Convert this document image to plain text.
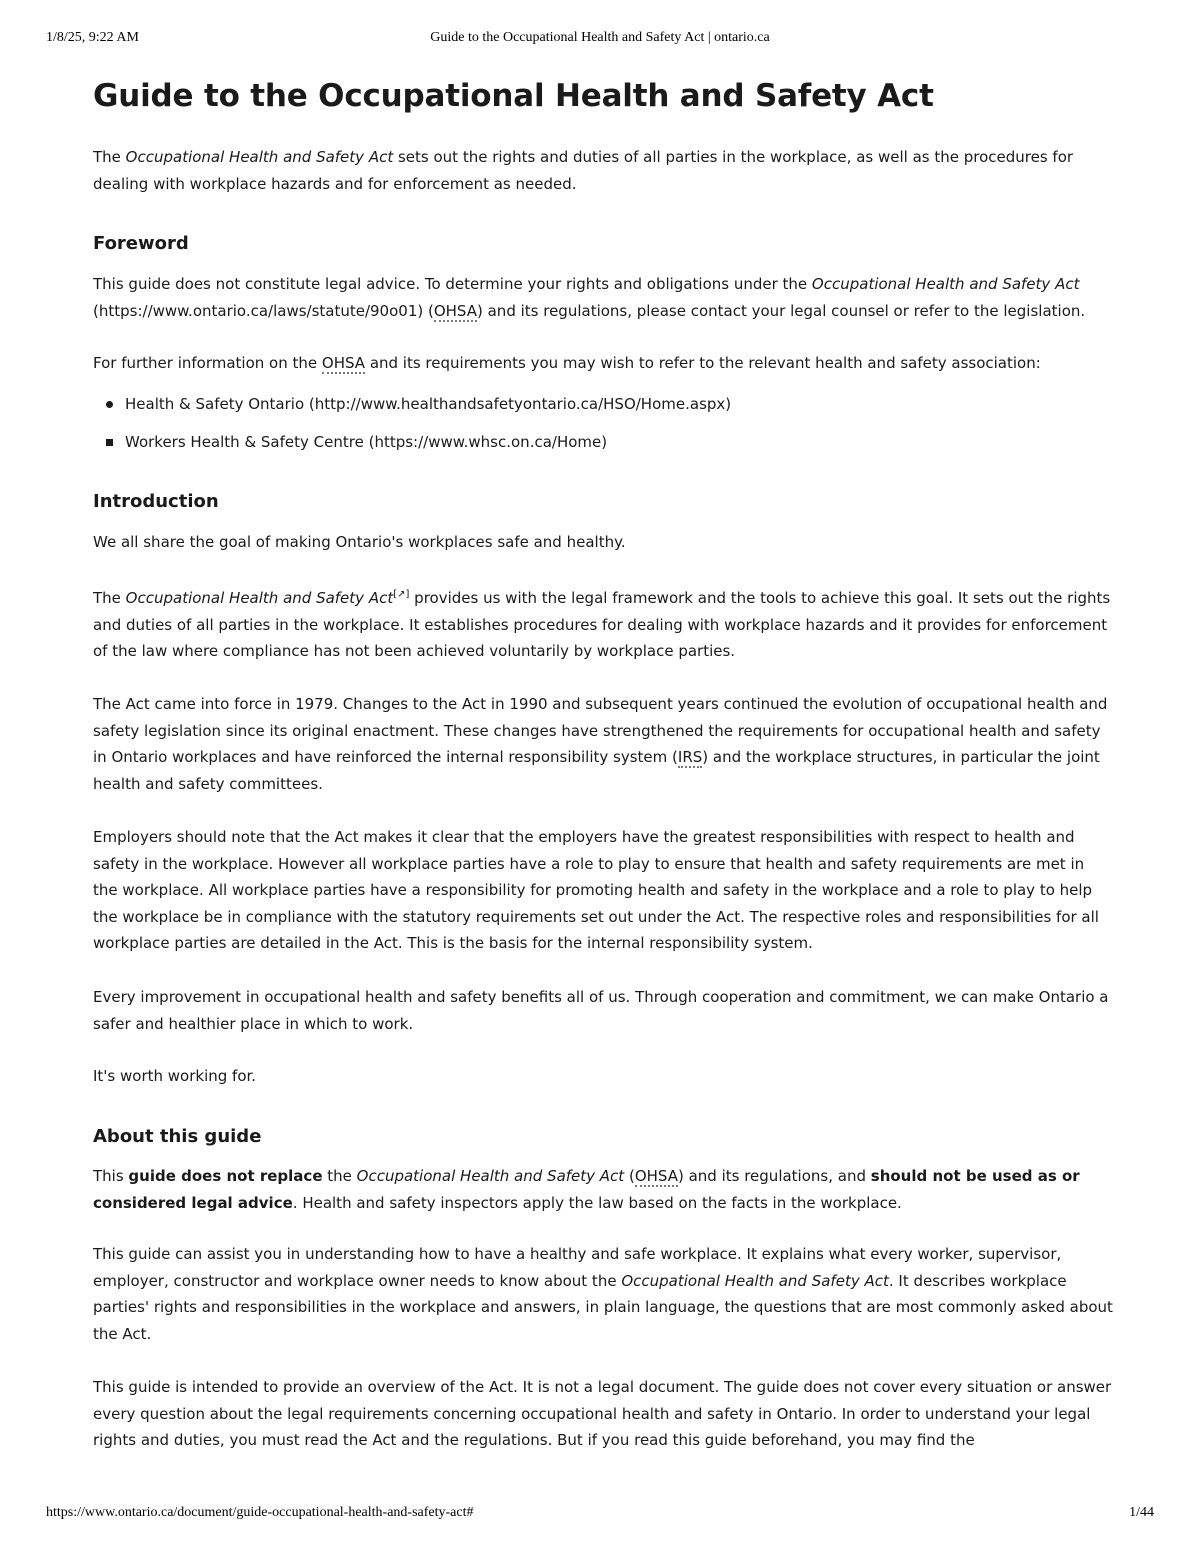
1/8/25, 9:22 AM	Guide to the Occupational Health and Safety Act | ontario.ca
Guide to the Occupational Health and Safety Act

The Occupational Health and Safety Act sets out the rights and duties of all parties in the workplace, as well as the procedures for dealing with workplace hazards and for enforcement as needed.

Foreword

This guide does not constitute legal advice. To determine your rights and obligations under the Occupational Health and Safety Act (https://www.ontario.ca/laws/statute/90o01) (OHSA) and its regulations, please contact your legal counsel or refer to the legislation.

For further information on the OHSA and its requirements you may wish to refer to the relevant health and safety association:

Health & Safety Ontario (http://www.healthandsafetyontario.ca/HSO/Home.aspx)
Workers Health & Safety Centre (https://www.whsc.on.ca/Home)
Introduction

We all share the goal of making Ontario's workplaces safe and healthy.

The Occupational Health and Safety Act[↗] provides us with the legal framework and the tools to achieve this goal. It sets out the rights and duties of all parties in the workplace. It establishes procedures for dealing with workplace hazards and it provides for enforcement of the law where compliance has not been achieved voluntarily by workplace parties.

The Act came into force in 1979. Changes to the Act in 1990 and subsequent years continued the evolution of occupational health and safety legislation since its original enactment. These changes have strengthened the requirements for occupational health and safety in Ontario workplaces and have reinforced the internal responsibility system (IRS) and the workplace structures, in particular the joint health and safety committees.

Employers should note that the Act makes it clear that the employers have the greatest responsibilities with respect to health and safety in the workplace. However all workplace parties have a role to play to ensure that health and safety requirements are met in the workplace. All workplace parties have a responsibility for promoting health and safety in the workplace and a role to play to help the workplace be in compliance with the statutory requirements set out under the Act. The respective roles and responsibilities for all workplace parties are detailed in the Act. This is the basis for the internal responsibility system.

Every improvement in occupational health and safety benefits all of us. Through cooperation and commitment, we can make Ontario a safer and healthier place in which to work.

It's worth working for.

About this guide

This guide does not replace the Occupational Health and Safety Act (OHSA) and its regulations, and should not be used as or considered legal advice. Health and safety inspectors apply the law based on the facts in the workplace.

This guide can assist you in understanding how to have a healthy and safe workplace. It explains what every worker, supervisor, employer, constructor and workplace owner needs to know about the Occupational Health and Safety Act. It describes workplace parties' rights and responsibilities in the workplace and answers, in plain language, the questions that are most commonly asked about the Act.

This guide is intended to provide an overview of the Act. It is not a legal document. The guide does not cover every situation or answer every question about the legal requirements concerning occupational health and safety in Ontario. In order to understand your legal rights and duties, you must read the Act and the regulations. But if you read this guide beforehand, you may find the

https://www.ontario.ca/document/guide-occupational-health-and-safety-act#	1/44
